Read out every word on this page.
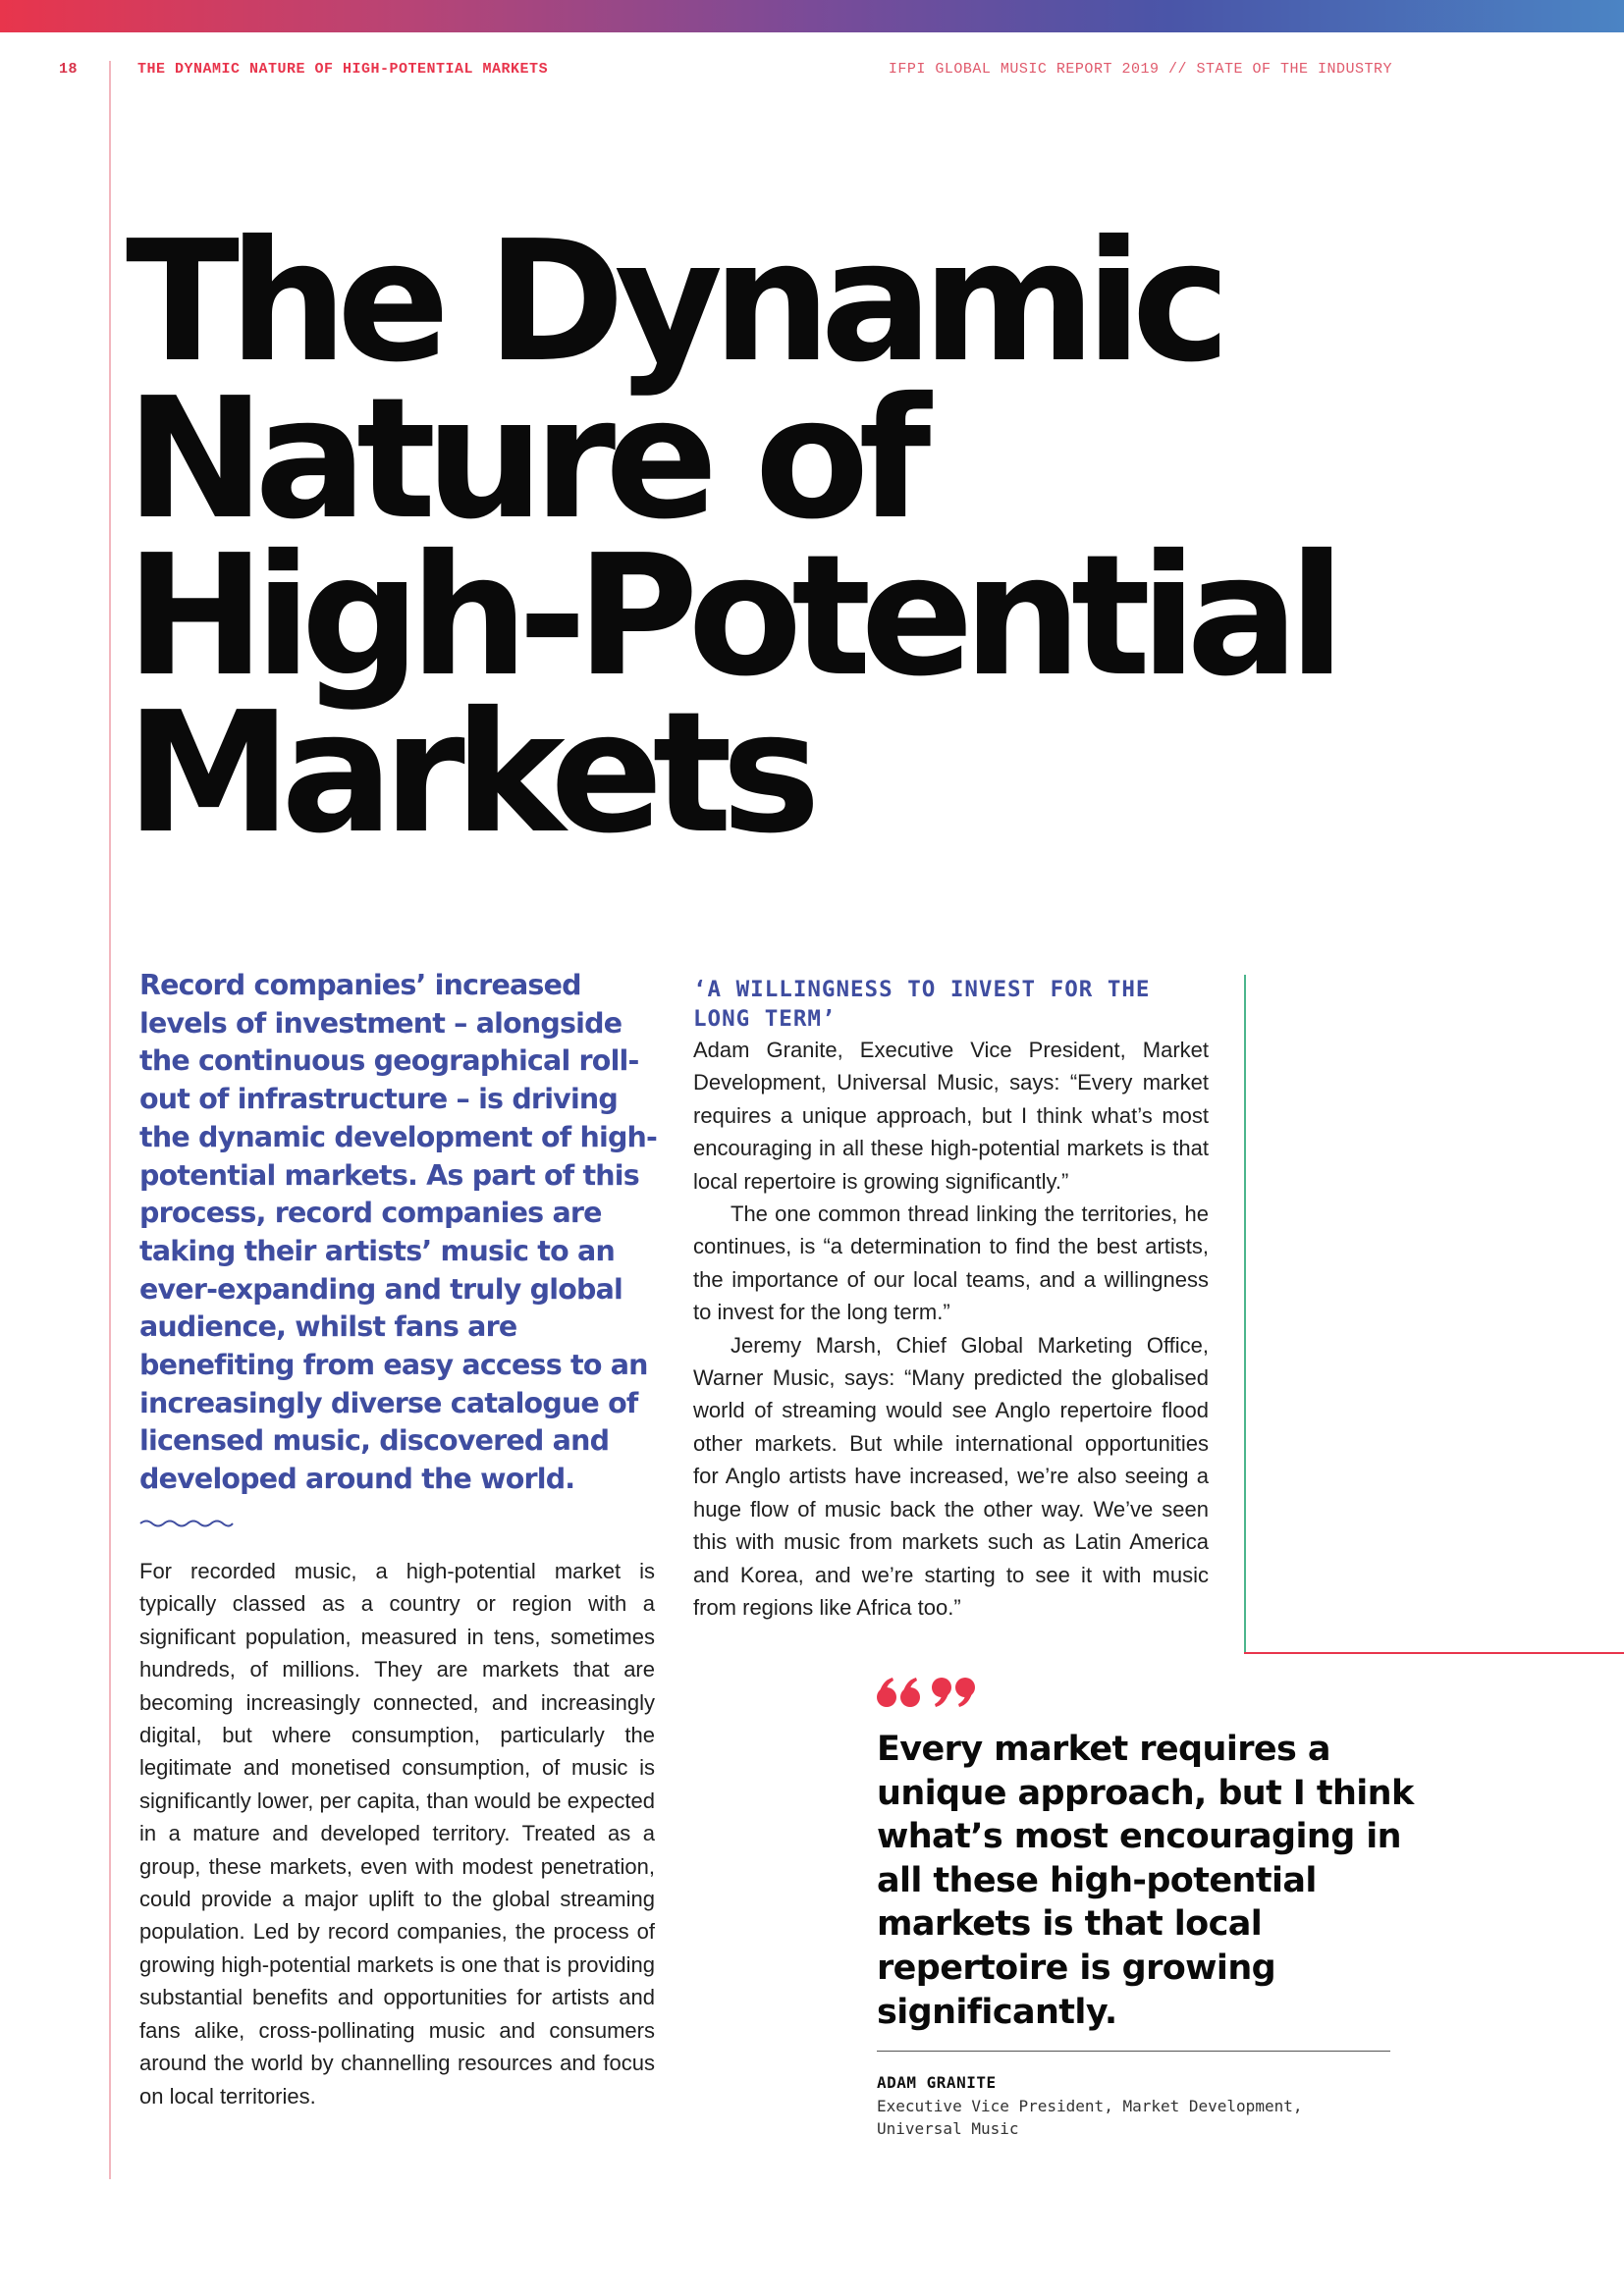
18	THE DYNAMIC NATURE OF HIGH-POTENTIAL MARKETS	IFPI GLOBAL MUSIC REPORT 2019 // STATE OF THE INDUSTRY
The Dynamic
Nature of
High-Potential
Markets

Record companies’ increased levels of investment – alongside the continuous geographical roll-out of infrastructure – is driving the dynamic development of high-potential markets. As part of this process, record companies are taking their artists’ music to an ever-expanding and truly global audience, whilst fans are benefiting from easy access to an increasingly diverse catalogue of licensed music, discovered and developed around the world.

For recorded music, a high-potential market is typically classed as a country or region with a significant population, measured in tens, sometimes hundreds, of millions. They are markets that are becoming increasingly connected, and increasingly digital, but where consumption, particularly the legitimate and monetised consumption, of music is significantly lower, per capita, than would be expected in a mature and developed territory. Treated as a group, these markets, even with modest penetration, could provide a major uplift to the global streaming population. Led by record companies, the process of growing high-potential markets is one that is providing substantial benefits and opportunities for artists and fans alike, cross-pollinating music and consumers around the world by channelling resources and focus on local territories.

‘A WILLINGNESS TO INVEST FOR THE LONG TERM’

Adam Granite, Executive Vice President, Market Development, Universal Music, says: “Every market requires a unique approach, but I think what’s most encouraging in all these high-potential markets is that local repertoire is growing significantly.”

The one common thread linking the territories, he continues, is “a determination to find the best artists, the importance of our local teams, and a willingness to invest for the long term.”

Jeremy Marsh, Chief Global Marketing Office, Warner Music, says: “Many predicted the globalised world of streaming would see Anglo repertoire flood other markets. But while international opportunities for Anglo artists have increased, we’re also seeing a huge flow of music back the other way. We’ve seen this with music from markets such as Latin America and Korea, and we’re starting to see it with music from regions like Africa too.”

Every market requires a unique approach, but I think what’s most encouraging in all these high-potential markets is that local repertoire is growing significantly.

ADAM GRANITE

Executive Vice President, Market Development, Universal Music
